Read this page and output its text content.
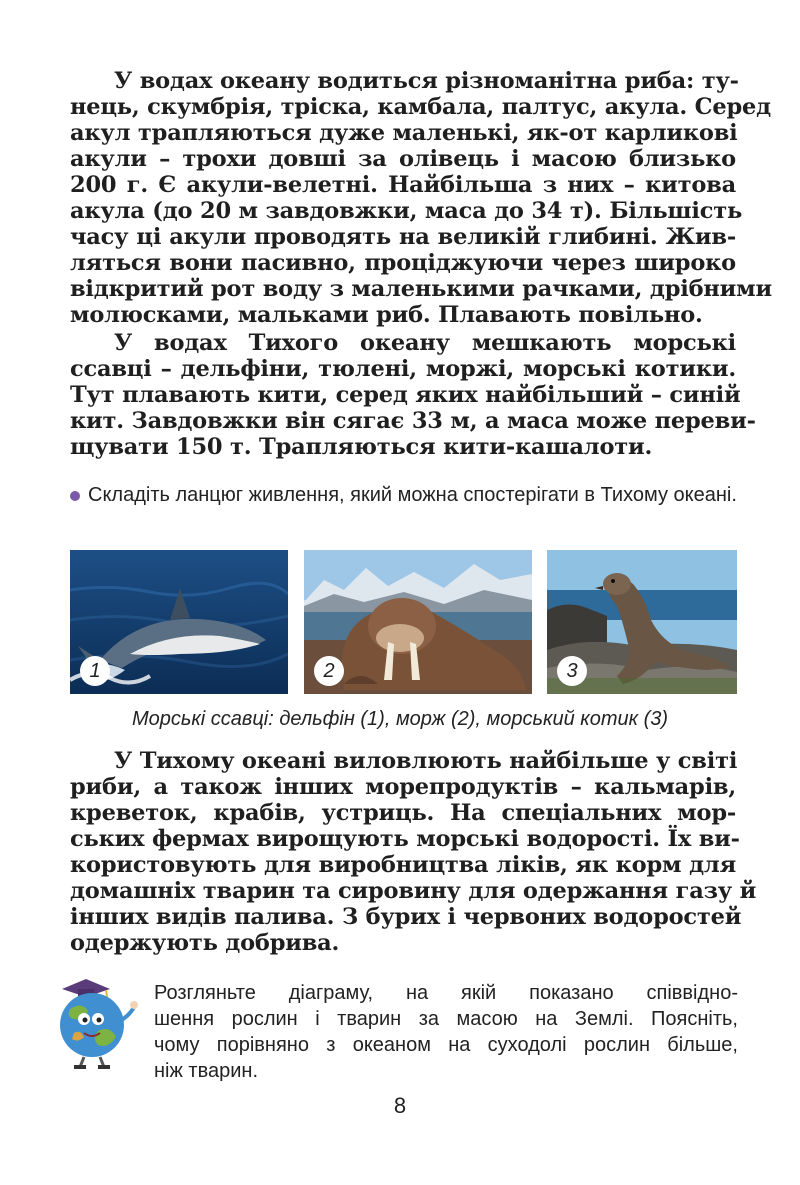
У водах океану водиться різноманітна риба: ту-
нець, скумбрія, тріска, камбала, палтус, акула. Серед
акул трапляються дуже маленькі, як-от карликові
акули – трохи довші за олівець і масою близько
200 г. Є акули-велетні. Найбільша з них – китова
акула (до 20 м завдовжки, маса до 34 т). Більшість
часу ці акули проводять на великій глибині. Жив-
ляться вони пасивно, проціджуючи через широко
відкритий рот воду з маленькими рачками, дрібними
молюсками, мальками риб. Плавають повільно.
У водах Тихого океану мешкають морські
ссавці – дельфіни, тюлені, моржі, морські котики.
Тут плавають кити, серед яких найбільший – синій
кит. Завдовжки він сягає 33 м, а маса може переви-
щувати 150 т. Трапляються кити-кашалоти.
Складіть ланцюг живлення, який можна спостерігати в Тихому океані.
1	2	3
Морські ссавці: дельфін (1), морж (2), морський котик (3)
У Тихому океані виловлюють найбільше у світі
риби, а також інших морепродуктів – кальмарів,
креветок, крабів, устриць. На спеціальних мор-
ських фермах вирощують морські водорості. Їх ви-
користовують для виробництва ліків, як корм для
домашніх тварин та сировину для одержання газу й
інших видів палива. З бурих і червоних водоростей
одержують добрива.
Розгляньте діаграму, на якій показано співвідно-
шення рослин і тварин за масою на Землі. Поясніть,
чому порівняно з океаном на суходолі рослин більше,
ніж тварин.
8
